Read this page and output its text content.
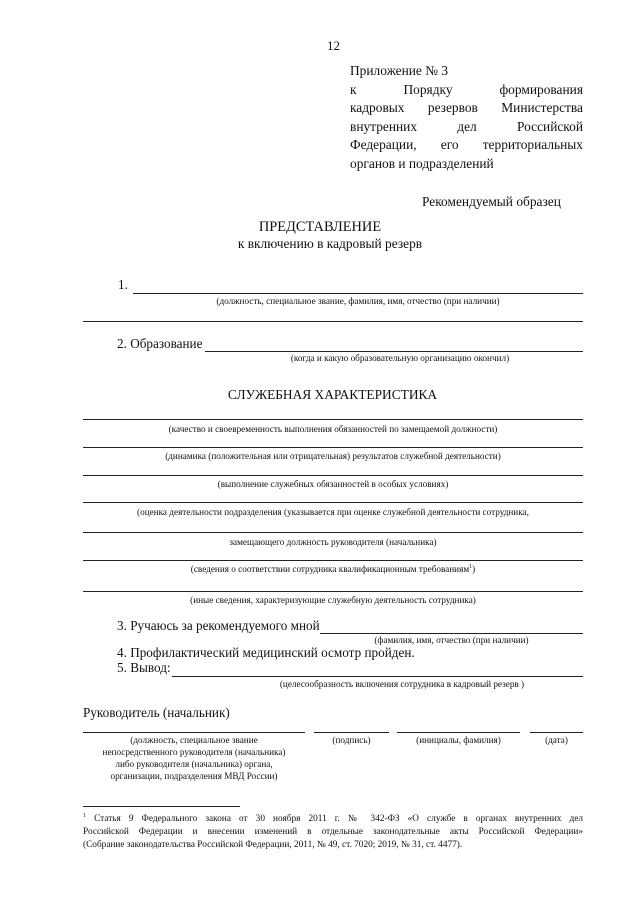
12
Приложение № 3
к Порядку формирования
кадровых резервов Министерства
внутренних дел Российской
Федерации, его территориальных
органов и подразделений
Рекомендуемый образец
ПРЕДСТАВЛЕНИЕ
к включению в кадровый резерв
1.
(должность, специальное звание, фамилия, имя, отчество (при наличии)
2. Образование
(когда и какую образовательную организацию окончил)
СЛУЖЕБНАЯ ХАРАКТЕРИСТИКА
(качество и своевременность выполнения обязанностей по замещаемой должности)
(динамика (положительная или отрицательная) результатов служебной деятельности)
(выполнение служебных обязанностей в особых условиях)
(оценка деятельности подразделения (указывается при оценке служебной деятельности сотрудника,
замещающего должность руководителя (начальника)
(сведения о соответствии сотрудника квалификационным требованиям$^1$)
(иные сведения, характеризующие служебную деятельность сотрудника)
3. Ручаюсь за рекомендуемого мной
(фамилия, имя, отчество (при наличии)
4. Профилактический медицинский осмотр пройден.
5. Вывод:
(целесообразность включения сотрудника в кадровый резерв )
Руководитель (начальник)
(должность, специальное звание
непосредственного руководителя (начальника)
либо руководителя (начальника) органа,
организации, подразделения МВД России)
(подпись)	(инициалы, фамилия)	(дата)
$^1$ Статья 9 Федерального закона от 30 ноября 2011 г. № 342-ФЗ «О службе в органах внутренних дел
Российской Федерации и внесении изменений в отдельные законодательные акты Российской Федерации»
(Собрание законодательства Российской Федерации, 2011, № 49, ст. 7020; 2019, № 31, ст. 4477).
